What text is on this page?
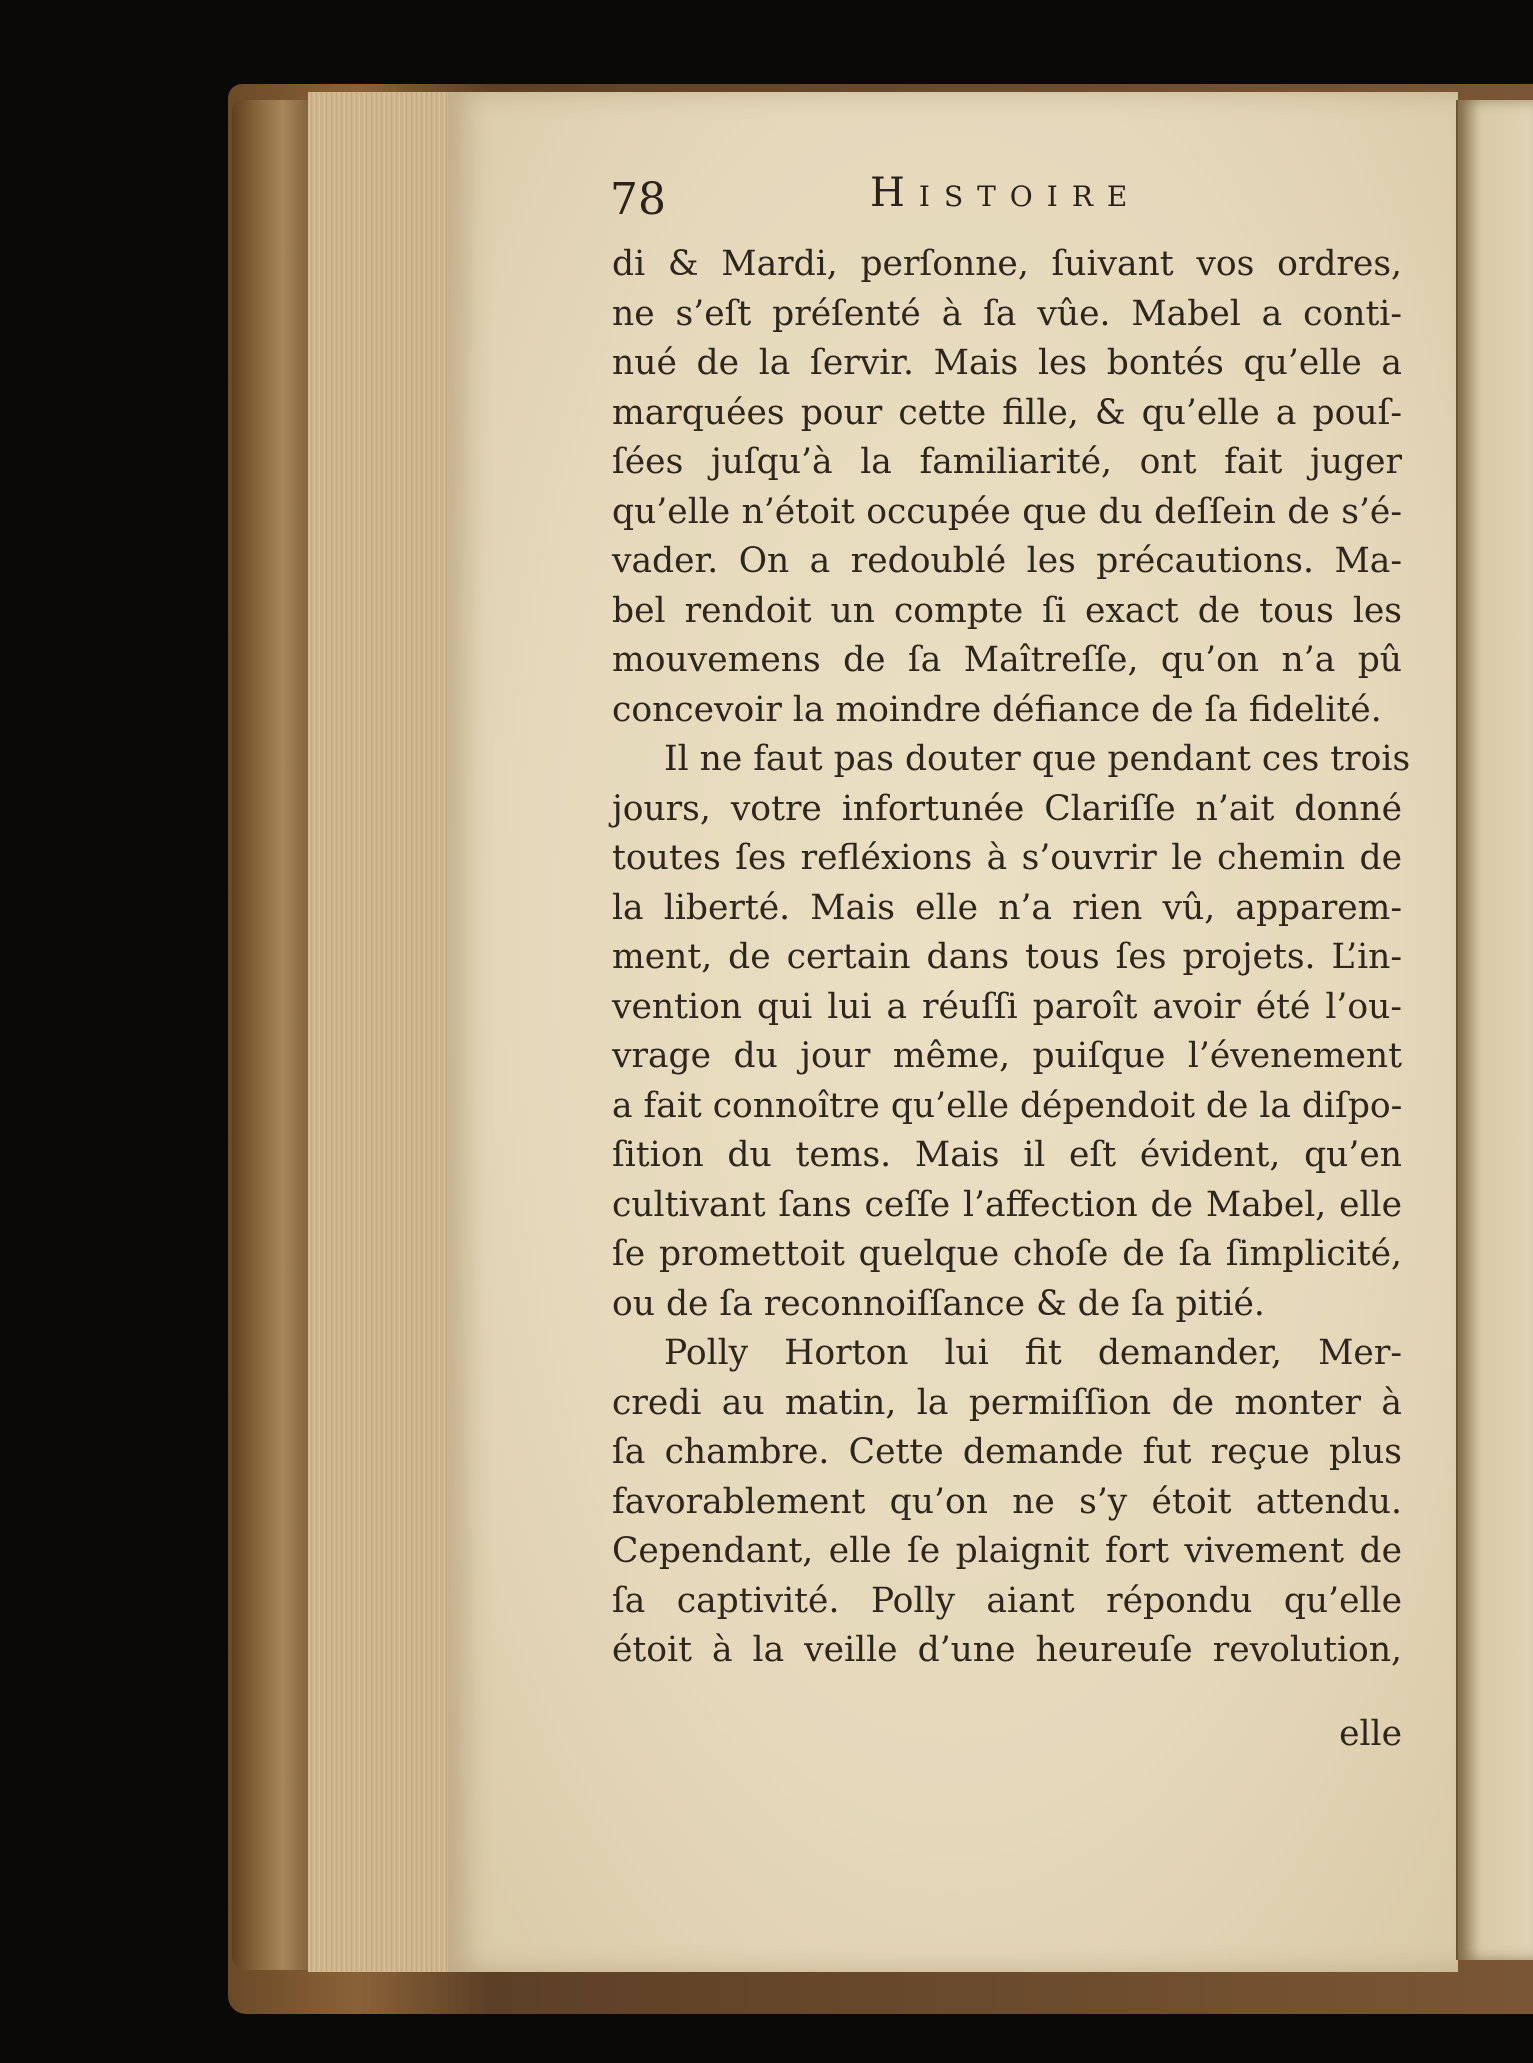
78	Histoire
di & Mardi, perſonne, ſuivant vos ordres,
ne s’eſt préſenté à ſa vûe. Mabel a conti-
nué de la ſervir. Mais les bontés qu’elle a
marquées pour cette fille, & qu’elle a pouſ-
ſées juſqu’à la familiarité, ont fait juger
qu’elle n’étoit occupée que du deſſein de s’é-
vader. On a redoublé les précautions. Ma-
bel rendoit un compte ſi exact de tous les
mouvemens de ſa Maîtreſſe, qu’on n’a pû
concevoir la moindre défiance de ſa fidelité.
Il ne faut pas douter que pendant ces trois
jours, votre infortunée Clariſſe n’ait donné
toutes ſes refléxions à s’ouvrir le chemin de
la liberté. Mais elle n’a rien vû, apparem-
ment, de certain dans tous ſes projets. L’in-
vention qui lui a réuſſi paroît avoir été l’ou-
vrage du jour même, puiſque l’évenement
a fait connoître qu’elle dépendoit de la diſpo-
ſition du tems. Mais il eſt évident, qu’en
cultivant ſans ceſſe l’affection de Mabel, elle
ſe promettoit quelque choſe de ſa ſimplicité,
ou de ſa reconnoiſſance & de ſa pitié.
Polly Horton lui fit demander, Mer-
credi au matin, la permiſſion de monter à
ſa chambre. Cette demande fut reçue plus
favorablement qu’on ne s’y étoit attendu.
Cependant, elle ſe plaignit fort vivement de
ſa captivité. Polly aiant répondu qu’elle
étoit à la veille d’une heureuſe revolution,
elle
